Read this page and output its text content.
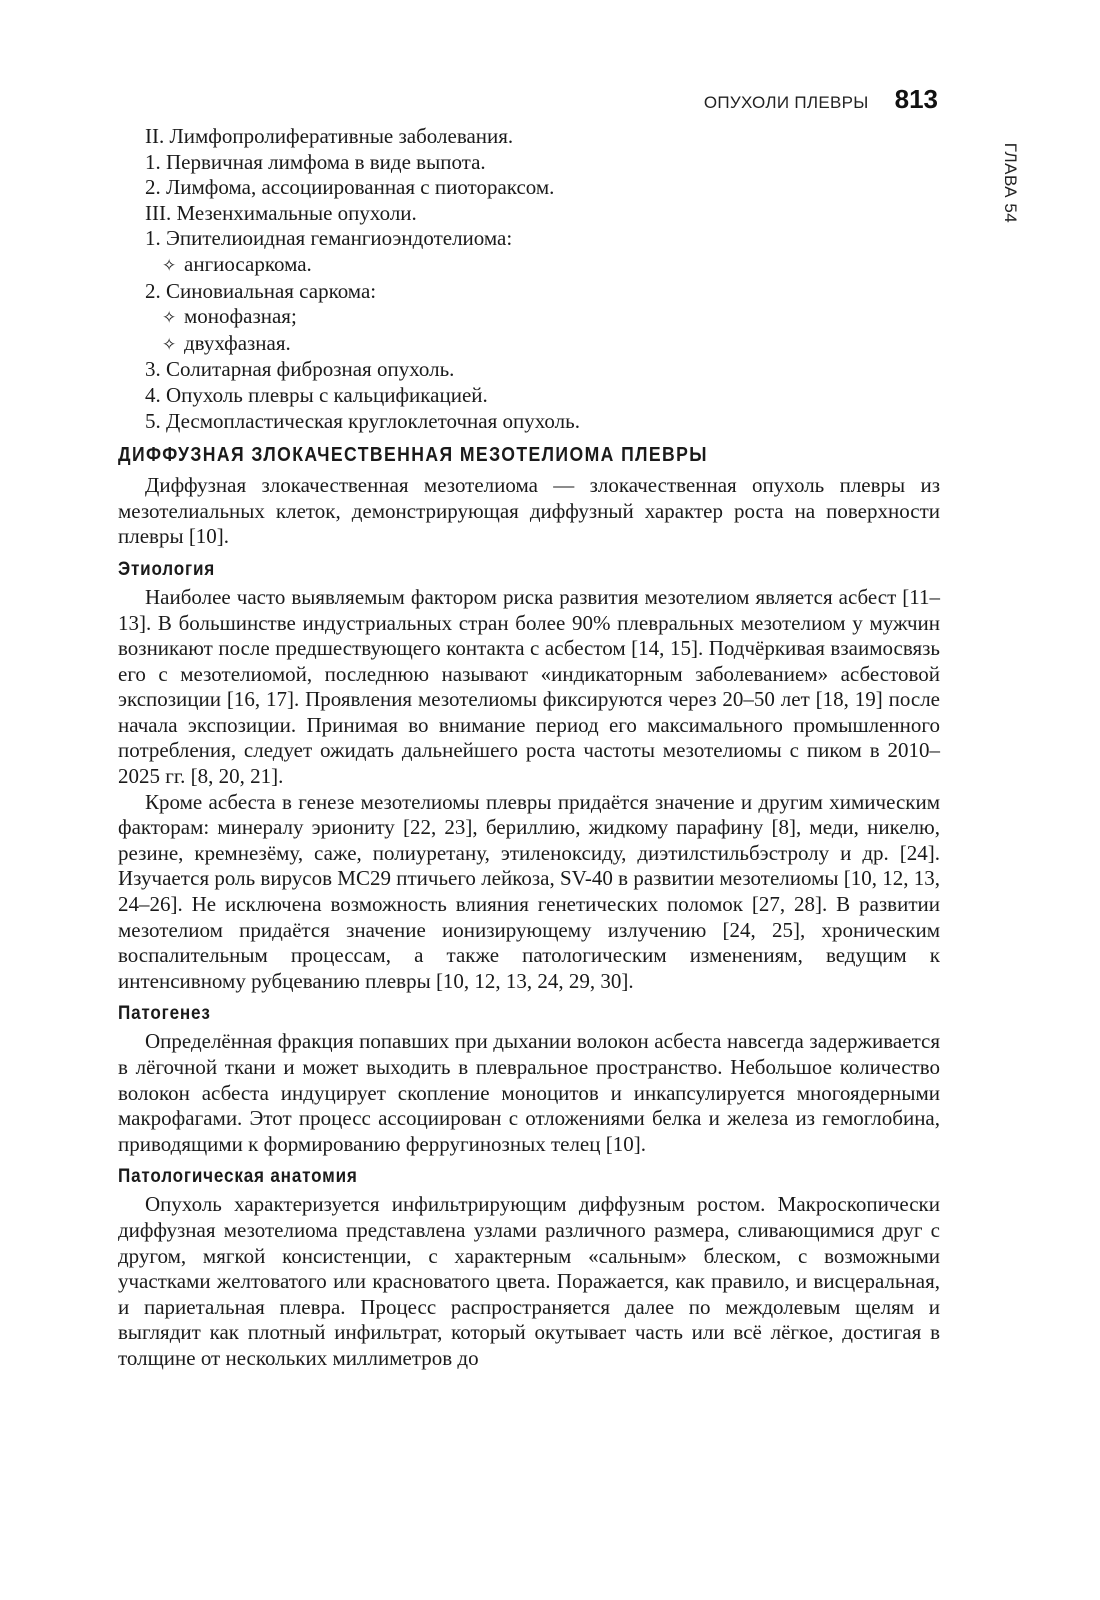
ОПУХОЛИ ПЛЕВРЫ 813
ГЛАВА 54
II. Лимфопролиферативные заболевания.
1. Первичная лимфома в виде выпота.
2. Лимфома, ассоциированная с пиотораксом.
III. Мезенхимальные опухоли.
1. Эпителиоидная гемангиоэндотелиома:
✧ ангиосаркома.
2. Синовиальная саркома:
✧ монофазная;
✧ двухфазная.
3. Солитарная фиброзная опухоль.
4. Опухоль плевры с кальцификацией.
5. Десмопластическая круглоклеточная опухоль.
ДИФФУЗНАЯ ЗЛОКАЧЕСТВЕННАЯ МЕЗОТЕЛИОМА ПЛЕВРЫ

Диффузная злокачественная мезотелиома — злокачественная опухоль плевры из мезотелиальных клеток, демонстрирующая диффузный характер роста на поверхности плевры [10].

Этиология

Наиболее часто выявляемым фактором риска развития мезотелиом является асбест [11–13]. В большинстве индустриальных стран более 90% плевральных мезотелиом у мужчин возникают после предшествующего контакта с асбестом [14, 15]. Подчёркивая взаимосвязь его с мезотелиомой, последнюю называют «индикаторным заболеванием» асбестовой экспозиции [16, 17]. Проявления мезотелиомы фиксируются через 20–50 лет [18, 19] после начала экспозиции. Принимая во внимание период его максимального промышленного потребления, следует ожидать дальнейшего роста частоты мезотелиомы с пиком в 2010–2025 гг. [8, 20, 21].

Кроме асбеста в генезе мезотелиомы плевры придаётся значение и другим химическим факторам: минералу эриониту [22, 23], бериллию, жидкому парафину [8], меди, никелю, резине, кремнезёму, саже, полиуретану, этиленоксиду, диэтилстильбэстролу и др. [24]. Изучается роль вирусов MC29 птичьего лейкоза, SV-40 в развитии мезотелиомы [10, 12, 13, 24–26]. Не исключена возможность влияния генетических поломок [27, 28]. В развитии мезотелиом придаётся значение ионизирующему излучению [24, 25], хроническим воспалительным процессам, а также патологическим изменениям, ведущим к интенсивному рубцеванию плевры [10, 12, 13, 24, 29, 30].

Патогенез

Определённая фракция попавших при дыхании волокон асбеста навсегда задерживается в лёгочной ткани и может выходить в плевральное пространство. Небольшое количество волокон асбеста индуцирует скопление моноцитов и инкапсулируется многоядерными макрофагами. Этот процесс ассоциирован с отложениями белка и железа из гемоглобина, приводящими к формированию ферругинозных телец [10].

Патологическая анатомия

Опухоль характеризуется инфильтрирующим диффузным ростом. Макроскопически диффузная мезотелиома представлена узлами различного размера, сливающимися друг с другом, мягкой консистенции, с характерным «сальным» блеском, с возможными участками желтоватого или красноватого цвета. Поражается, как правило, и висцеральная, и париетальная плевра. Процесс распространяется далее по междолевым щелям и выглядит как плотный инфильтрат, который окутывает часть или всё лёгкое, достигая в толщине от нескольких миллиметров до
